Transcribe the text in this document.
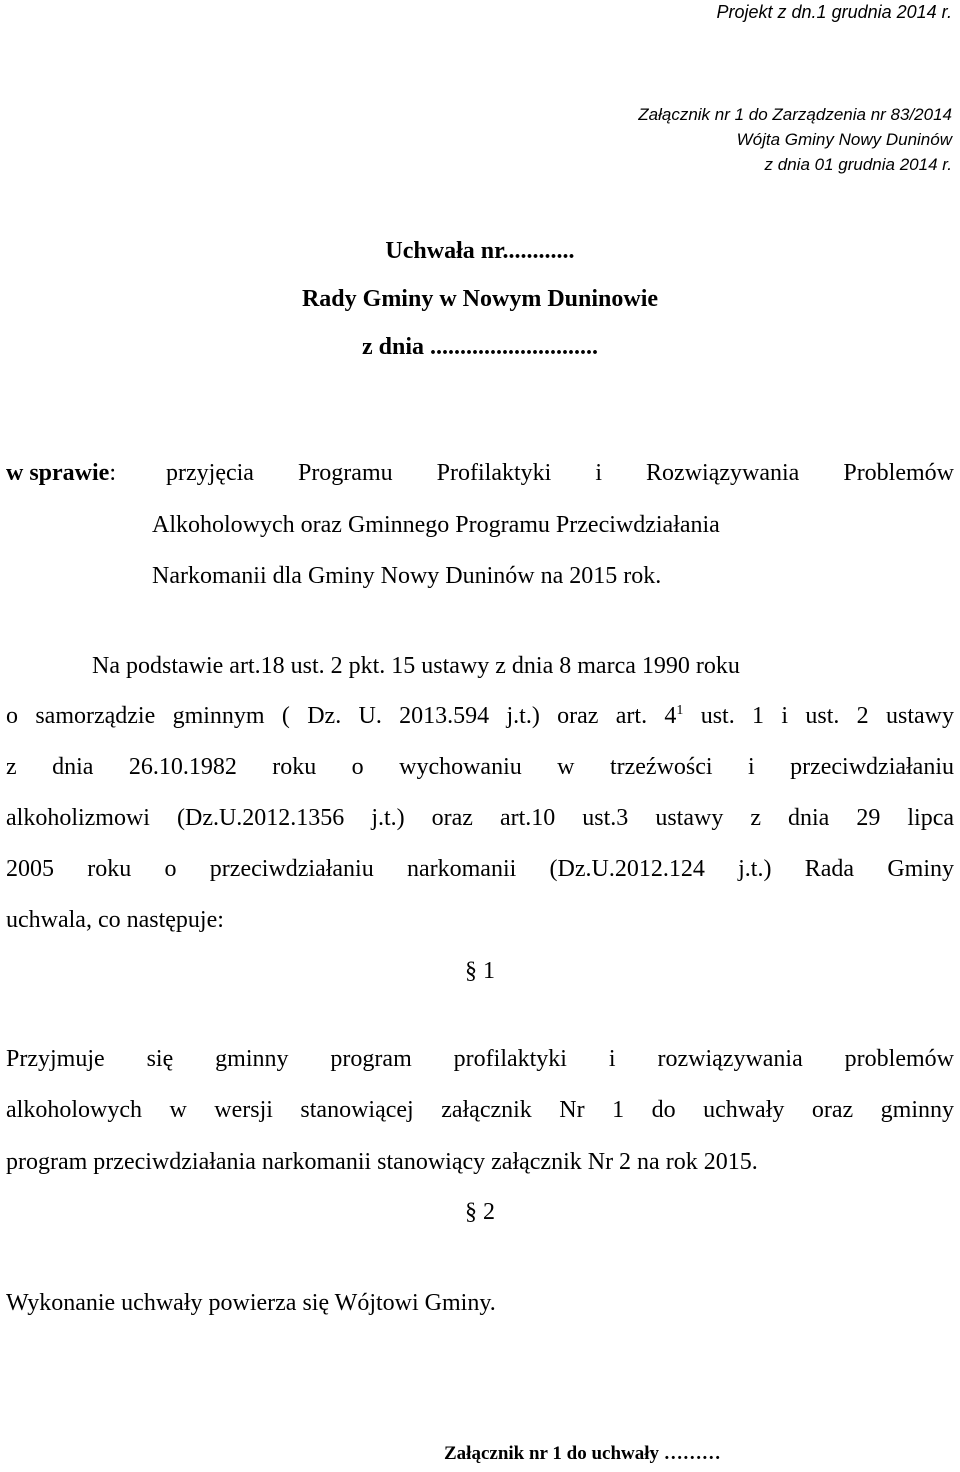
Projekt z dn.1 grudnia 2014 r.
Załącznik nr 1 do Zarządzenia nr 83/2014
Wójta Gminy Nowy Duninów
z dnia 01 grudnia 2014 r.
Uchwała nr............
Rady Gminy w Nowym Duninowie
z dnia ............................
w sprawie: przyjęcia Programu Profilaktyki i Rozwiązywania Problemów
Alkoholowych oraz Gminnego Programu Przeciwdziałania
Narkomanii dla Gminy Nowy Duninów na 2015 rok.
Na podstawie art.18 ust. 2 pkt. 15 ustawy z dnia 8 marca 1990 roku
o samorządzie gminnym ( Dz. U. 2013.594 j.t.) oraz art. $4^1$ ust. 1 i ust. 2 ustawy
z dnia 26.10.1982 roku o wychowaniu w trzeźwości i przeciwdziałaniu
alkoholizmowi (Dz.U.2012.1356 j.t.) oraz art.10 ust.3 ustawy z dnia 29 lipca
2005 roku o przeciwdziałaniu narkomanii (Dz.U.2012.124 j.t.) Rada Gminy
uchwala, co następuje:
§ 1
Przyjmuje się gminny program profilaktyki i rozwiązywania problemów
alkoholowych w wersji stanowiącej załącznik Nr 1 do uchwały oraz gminny
program przeciwdziałania narkomanii stanowiący załącznik Nr 2 na rok 2015.
§ 2
Wykonanie uchwały powierza się Wójtowi Gminy.
Załącznik nr 1 do uchwały ………
